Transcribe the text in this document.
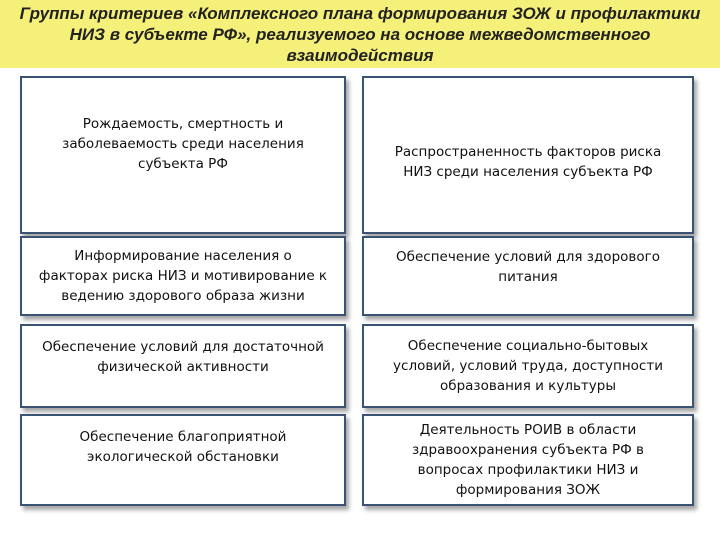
Группы критериев «Комплексного плана формирования ЗОЖ и профилактики
НИЗ в субъекте РФ», реализуемого на основе межведомственного
взаимодействия

Рождаемость, смертность и
заболеваемость среди населения
субъекта РФ
Распространенность факторов риска
НИЗ среди населения субъекта РФ
Информирование населения о
факторах риска НИЗ и мотивирование к
ведению здорового образа жизни
Обеспечение условий для здорового
питания
Обеспечение условий для достаточной
физической активности
Обеспечение социально-бытовых
условий, условий труда, доступности
образования и культуры
Обеспечение благоприятной
экологической обстановки
Деятельность РОИВ в области
здравоохранения субъекта РФ в
вопросах профилактики НИЗ и
формирования ЗОЖ
